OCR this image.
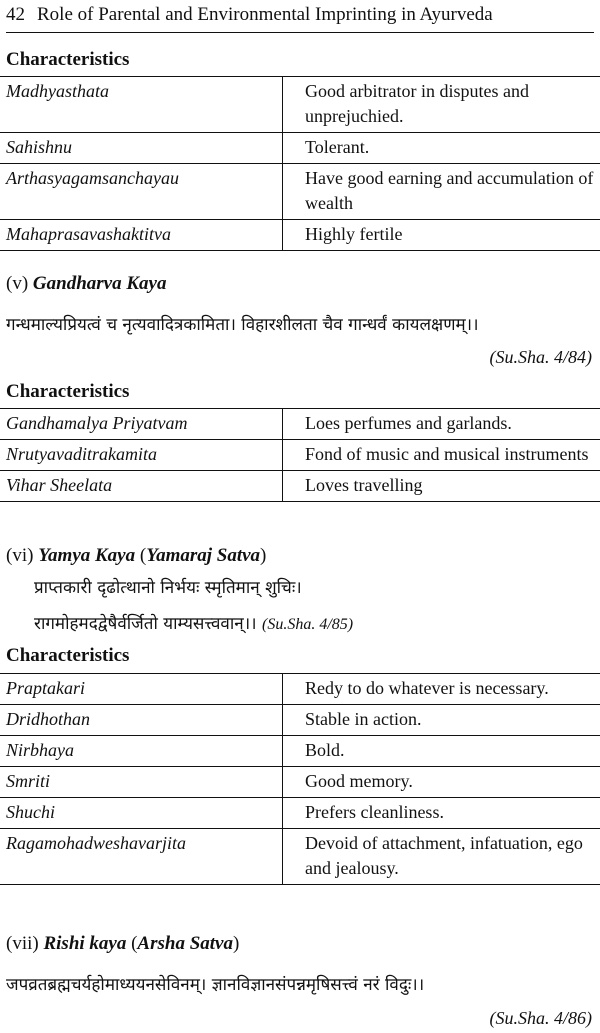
42 Role of Parental and Environmental Imprinting in Ayurveda
Characteristics
Madhyasthata	Good arbitrator in disputes and unprejuchied.
Sahishnu	Tolerant.
Arthasyagamsanchayau	Have good earning and accumulation of wealth
Mahaprasavashaktitva	Highly fertile
(v) Gandharva Kaya
गन्धमाल्यप्रियत्वं च नृत्यवादित्रकामिता। विहारशीलता चैव गान्धर्वं कायलक्षणम्।।
(Su.Sha. 4/84)
Characteristics
Gandhamalya Priyatvam	Loes perfumes and garlands.
Nrutyavaditrakamita	Fond of music and musical instruments
Vihar Sheelata	Loves travelling
(vi) Yamya Kaya (Yamaraj Satva)
प्राप्तकारी दृढोत्थानो निर्भयः स्मृतिमान् शुचिः।
रागमोहमदद्वेषैर्वर्जितो याम्यसत्त्ववान्।। (Su.Sha. 4/85)
Characteristics
Praptakari	Redy to do whatever is necessary.
Dridhothan	Stable in action.
Nirbhaya	Bold.
Smriti	Good memory.
Shuchi	Prefers cleanliness.
Ragamohadweshavarjita	Devoid of attachment, infatuation, ego and jealousy.
(vii) Rishi kaya (Arsha Satva)
जपव्रतब्रह्मचर्यहोमाध्ययनसेविनम्। ज्ञानविज्ञानसंपन्नमृषिसत्त्वं नरं विदुः।।
(Su.Sha. 4/86)
